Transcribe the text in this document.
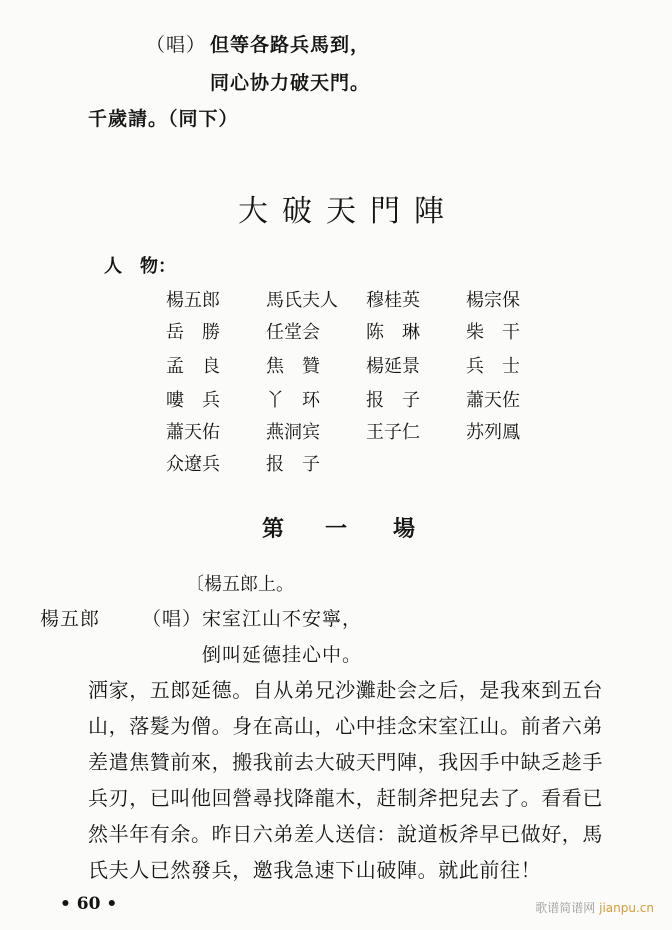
（唱） 但等各路兵馬到，
同心协力破天門。
千歲請。（同下）
大破天門陣
人　物：
楊五郎	馬氏夫人 穆桂英	楊宗保
岳　勝	任堂会	陈　琳	柴　干
孟　良	焦　贊	楊延景	兵　士
嘍　兵	丫　环	报　子	蕭天佐
蕭天佑	燕洞宾	王子仁	苏列鳳
众遼兵	报　子
第 一 場
〔楊五郎上。
楊五郎 （唱） 宋室江山不安寧，
倒叫延德挂心中。
洒家，五郎延德。自从弟兄沙灘赴会之后，是我來到五台
山，落髮为僧。身在高山，心中挂念宋室江山。前者六弟
差遣焦贊前來，搬我前去大破天門陣，我因手中缺乏趁手
兵刃，已叫他回營尋找降龍木，赶制斧把兒去了。看看已
然半年有余。昨日六弟差人送信：說道板斧早已做好，馬
氏夫人已然發兵，邀我急速下山破陣。就此前往！
• 60 •	歌谱简谱网 jianpu.cn
